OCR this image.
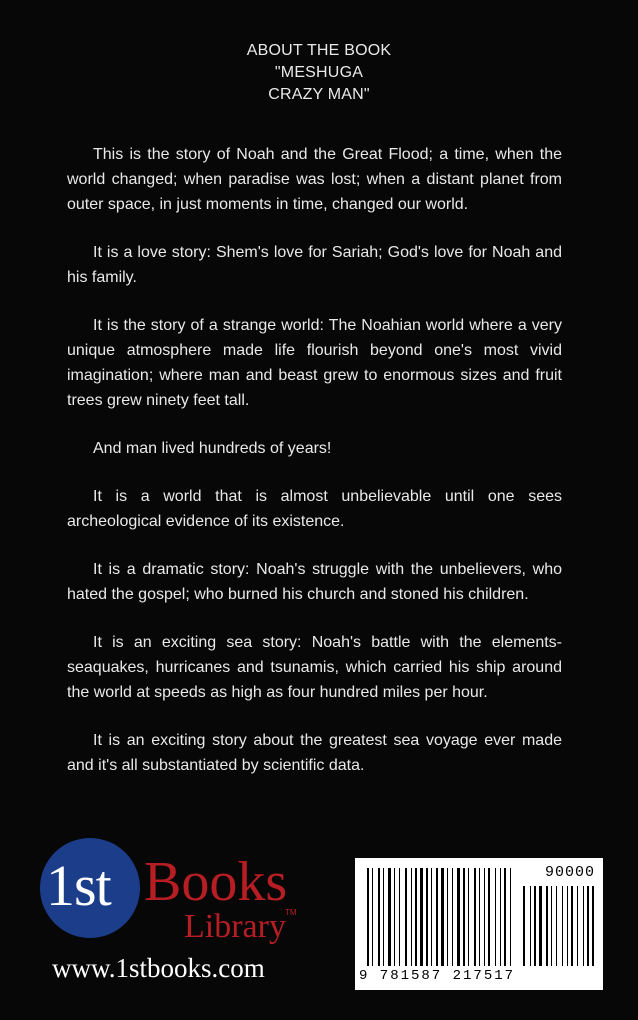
ABOUT THE BOOK
"MESHUGA
CRAZY MAN"

This is the story of Noah and the Great Flood; a time, when the world changed; when paradise was lost; when a distant planet from outer space, in just moments in time, changed our world.

It is a love story: Shem's love for Sariah; God's love for Noah and his family.

It is the story of a strange world: The Noahian world where a very unique atmosphere made life flourish beyond one's most vivid imagination; where man and beast grew to enormous sizes and fruit trees grew ninety feet tall.

And man lived hundreds of years!

It is a world that is almost unbelievable until one sees archeological evidence of its existence.

It is a dramatic story: Noah's struggle with the unbelievers, who hated the gospel; who burned his church and stoned his children.

It is an exciting sea story: Noah's battle with the elements-seaquakes, hurricanes and tsunamis, which carried his ship around the world at speeds as high as four hundred miles per hour.

It is an exciting story about the greatest sea voyage ever made and it's all substantiated by scientific data.

1st Books
Library TM
www.1stbooks.com
90000
9 781587 217517
